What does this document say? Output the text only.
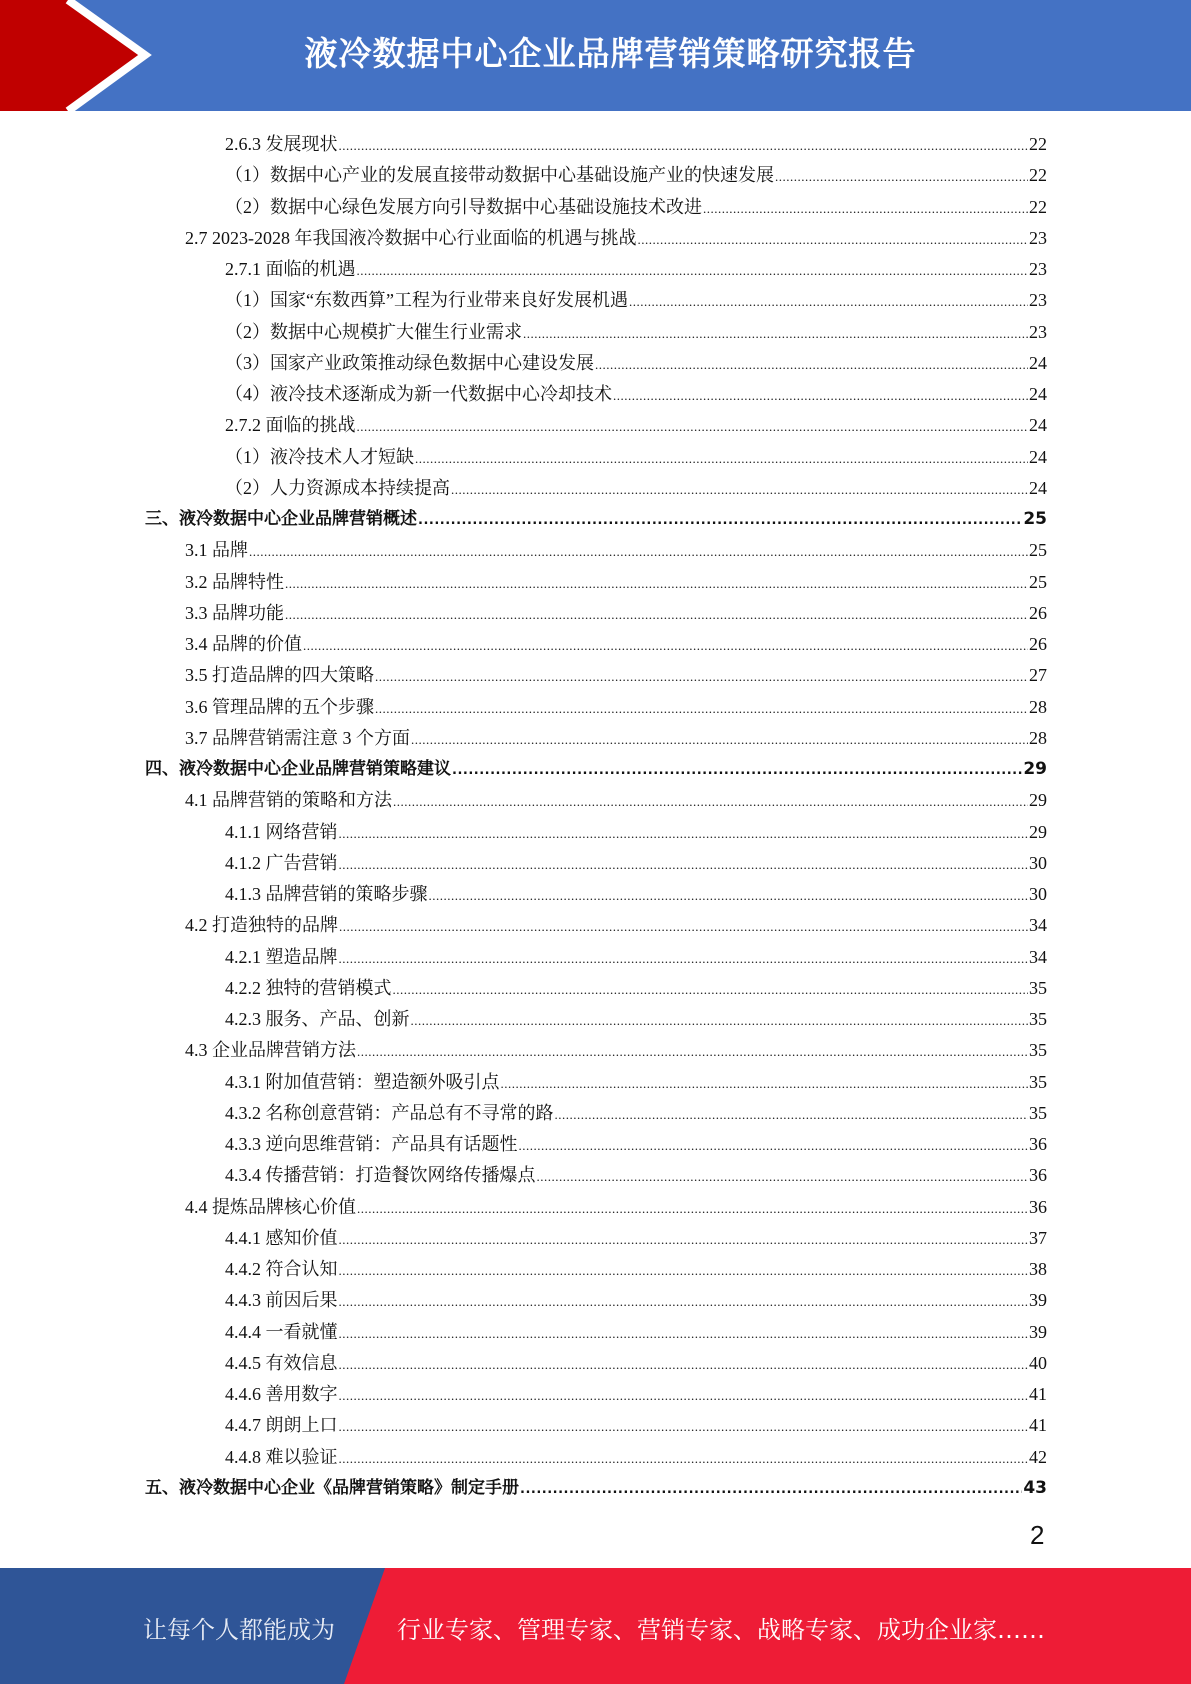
液冷数据中心企业品牌营销策略研究报告
2.6.3 发展现状 .....	22
（1）数据中心产业的发展直接带动数据中心基础设施产业的快速发展 .....	22
（2）数据中心绿色发展方向引导数据中心基础设施技术改进 .....	22
2.7 2023-2028 年我国液冷数据中心行业面临的机遇与挑战 .....	23
2.7.1 面临的机遇 .....	23
（1）国家“东数西算”工程为行业带来良好发展机遇 .....	23
（2）数据中心规模扩大催生行业需求 .....	23
（3）国家产业政策推动绿色数据中心建设发展 .....	24
（4）液冷技术逐渐成为新一代数据中心冷却技术 .....	24
2.7.2 面临的挑战 .....	24
（1）液冷技术人才短缺 .....	24
（2）人力资源成本持续提高 .....	24
三、液冷数据中心企业品牌营销概述 .....	25
3.1 品牌 .....	25
3.2 品牌特性 .....	25
3.3 品牌功能 .....	26
3.4 品牌的价值 .....	26
3.5 打造品牌的四大策略 .....	27
3.6 管理品牌的五个步骤 .....	28
3.7 品牌营销需注意 3 个方面 .....	28
四、液冷数据中心企业品牌营销策略建议 .....	29
4.1 品牌营销的策略和方法 .....	29
4.1.1 网络营销 .....	29
4.1.2 广告营销 .....	30
4.1.3 品牌营销的策略步骤 .....	30
4.2 打造独特的品牌 .....	34
4.2.1 塑造品牌 .....	34
4.2.2 独特的营销模式 .....	35
4.2.3 服务、产品、创新 .....	35
4.3 企业品牌营销方法 .....	35
4.3.1 附加值营销：塑造额外吸引点 .....	35
4.3.2 名称创意营销：产品总有不寻常的路 .....	35
4.3.3 逆向思维营销：产品具有话题性 .....	36
4.3.4 传播营销：打造餐饮网络传播爆点 .....	36
4.4 提炼品牌核心价值 .....	36
4.4.1 感知价值 .....	37
4.4.2 符合认知 .....	38
4.4.3 前因后果 .....	39
4.4.4 一看就懂 .....	39
4.4.5 有效信息 .....	40
4.4.6 善用数字 .....	41
4.4.7 朗朗上口 .....	41
4.4.8 难以验证 .....	42
五、液冷数据中心企业《品牌营销策略》制定手册 .....	43
2
让每个人都能成为	行业专家、管理专家、营销专家、战略专家、成功企业家……
